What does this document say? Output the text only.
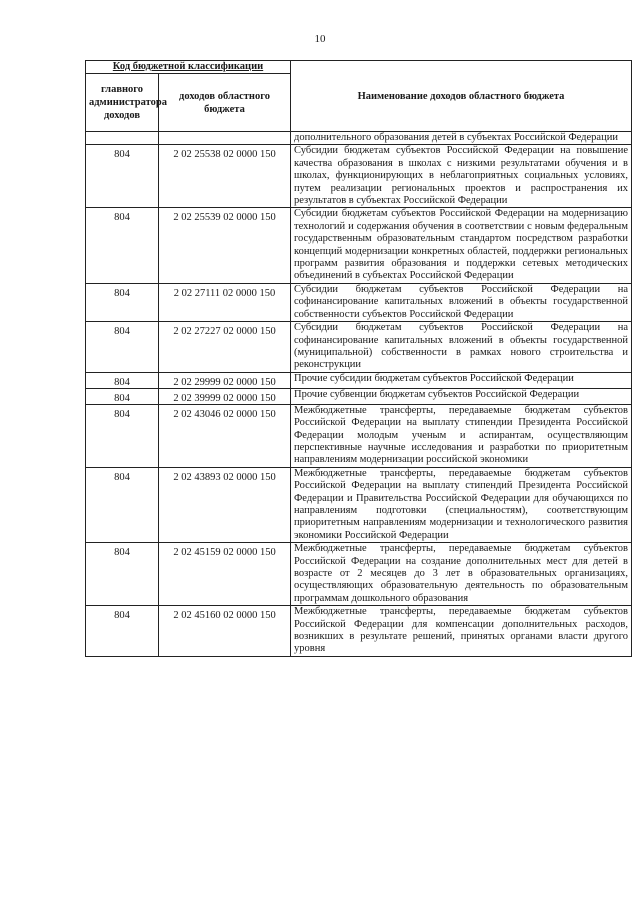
10
Код бюджетной классификации		Наименование доходов областного бюджета
главного администратора доходов	доходов областного бюджета	
		дополнительного образования детей в субъектах Российской Федерации
804	2 02 25538 02 0000 150	Субсидии бюджетам субъектов Российской Федерации на повышение качества образования в школах с низкими результатами обучения и в школах, функционирующих в неблагоприятных социальных условиях, путем реализации региональных проектов и распространения их результатов в субъектах Российской Федерации
804	2 02 25539 02 0000 150	Субсидии бюджетам субъектов Российской Федерации на модернизацию технологий и содержания обучения в соответствии с новым федеральным государственным образовательным стандартом посредством разработки концепций модернизации конкретных областей, поддержки региональных программ развития образования и поддержки сетевых методических объединений в субъектах Российской Федерации
804	2 02 27111 02 0000 150	Субсидии бюджетам субъектов Российской Федерации на софинансирование капитальных вложений в объекты государственной собственности субъектов Российской Федерации
804	2 02 27227 02 0000 150	Субсидии бюджетам субъектов Российской Федерации на софинансирование капитальных вложений в объекты государственной (муниципальной) собственности в рамках нового строительства и реконструкции
804	2 02 29999 02 0000 150	Прочие субсидии бюджетам субъектов Российской Федерации
804	2 02 39999 02 0000 150	Прочие субвенции бюджетам субъектов Российской Федерации
804	2 02 43046 02 0000 150	Межбюджетные трансферты, передаваемые бюджетам субъектов Российской Федерации на выплату стипендии Президента Российской Федерации молодым ученым и аспирантам, осуществляющим перспективные научные исследования и разработки по приоритетным направлениям модернизации российской экономики
804	2 02 43893 02 0000 150	Межбюджетные трансферты, передаваемые бюджетам субъектов Российской Федерации на выплату стипендий Президента Российской Федерации и Правительства Российской Федерации для обучающихся по направлениям подготовки (специальностям), соответствующим приоритетным направлениям модернизации и технологического развития экономики Российской Федерации
804	2 02 45159 02 0000 150	Межбюджетные трансферты, передаваемые бюджетам субъектов Российской Федерации на создание дополнительных мест для детей в возрасте от 2 месяцев до 3 лет в образовательных организациях, осуществляющих образовательную деятельность по образовательным программам дошкольного образования
804	2 02 45160 02 0000 150	Межбюджетные трансферты, передаваемые бюджетам субъектов Российской Федерации для компенсации дополнительных расходов, возникших в результате решений, принятых органами власти другого уровня
